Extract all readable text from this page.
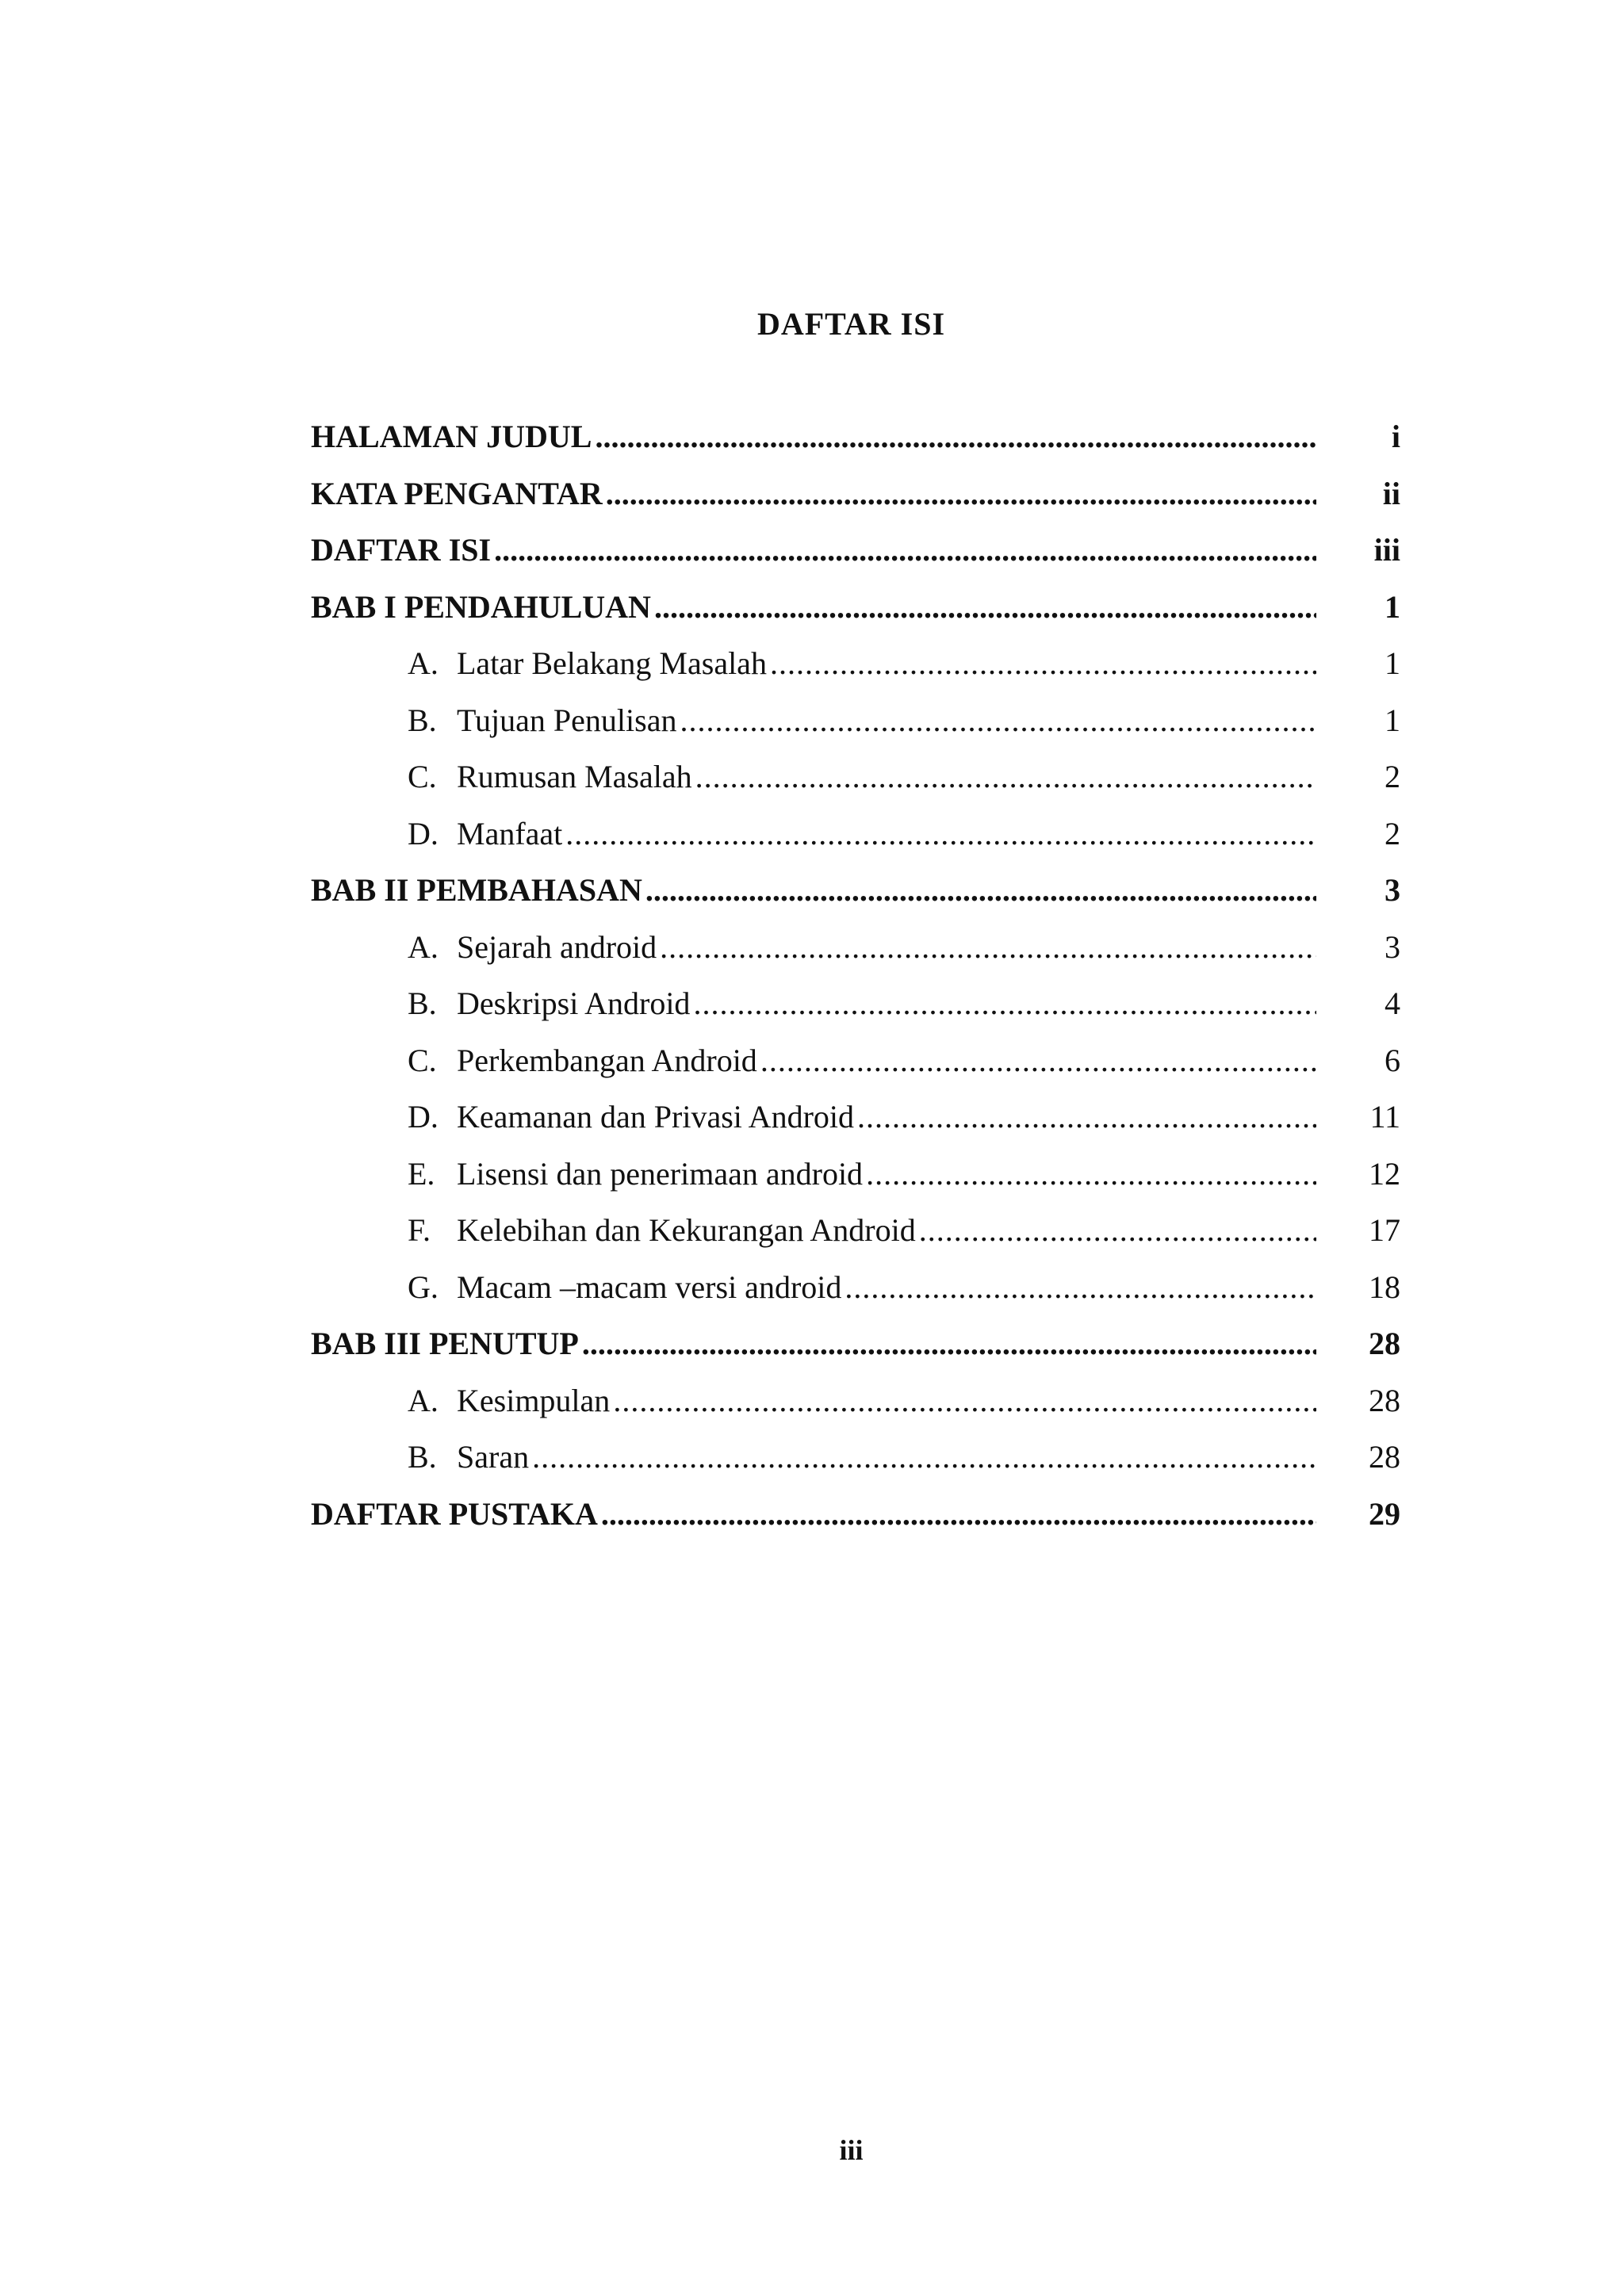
DAFTAR ISI
HALAMAN JUDUL .....	i
KATA PENGANTAR .....	ii
DAFTAR ISI .....	iii
BAB I PENDAHULUAN .....	1
A. Latar Belakang Masalah .....	1
B. Tujuan Penulisan .....	1
C. Rumusan Masalah .....	2
D. Manfaat .....	2
BAB II PEMBAHASAN .....	3
A. Sejarah android .....	3
B. Deskripsi Android .....	4
C. Perkembangan Android .....	6
D. Keamanan dan Privasi Android .....	11
E. Lisensi dan penerimaan android .....	12
F. Kelebihan dan Kekurangan Android .....	17
G. Macam –macam versi android .....	18
BAB III PENUTUP .....	28
A. Kesimpulan .....	28
B. Saran .....	28
DAFTAR PUSTAKA .....	29
iii
